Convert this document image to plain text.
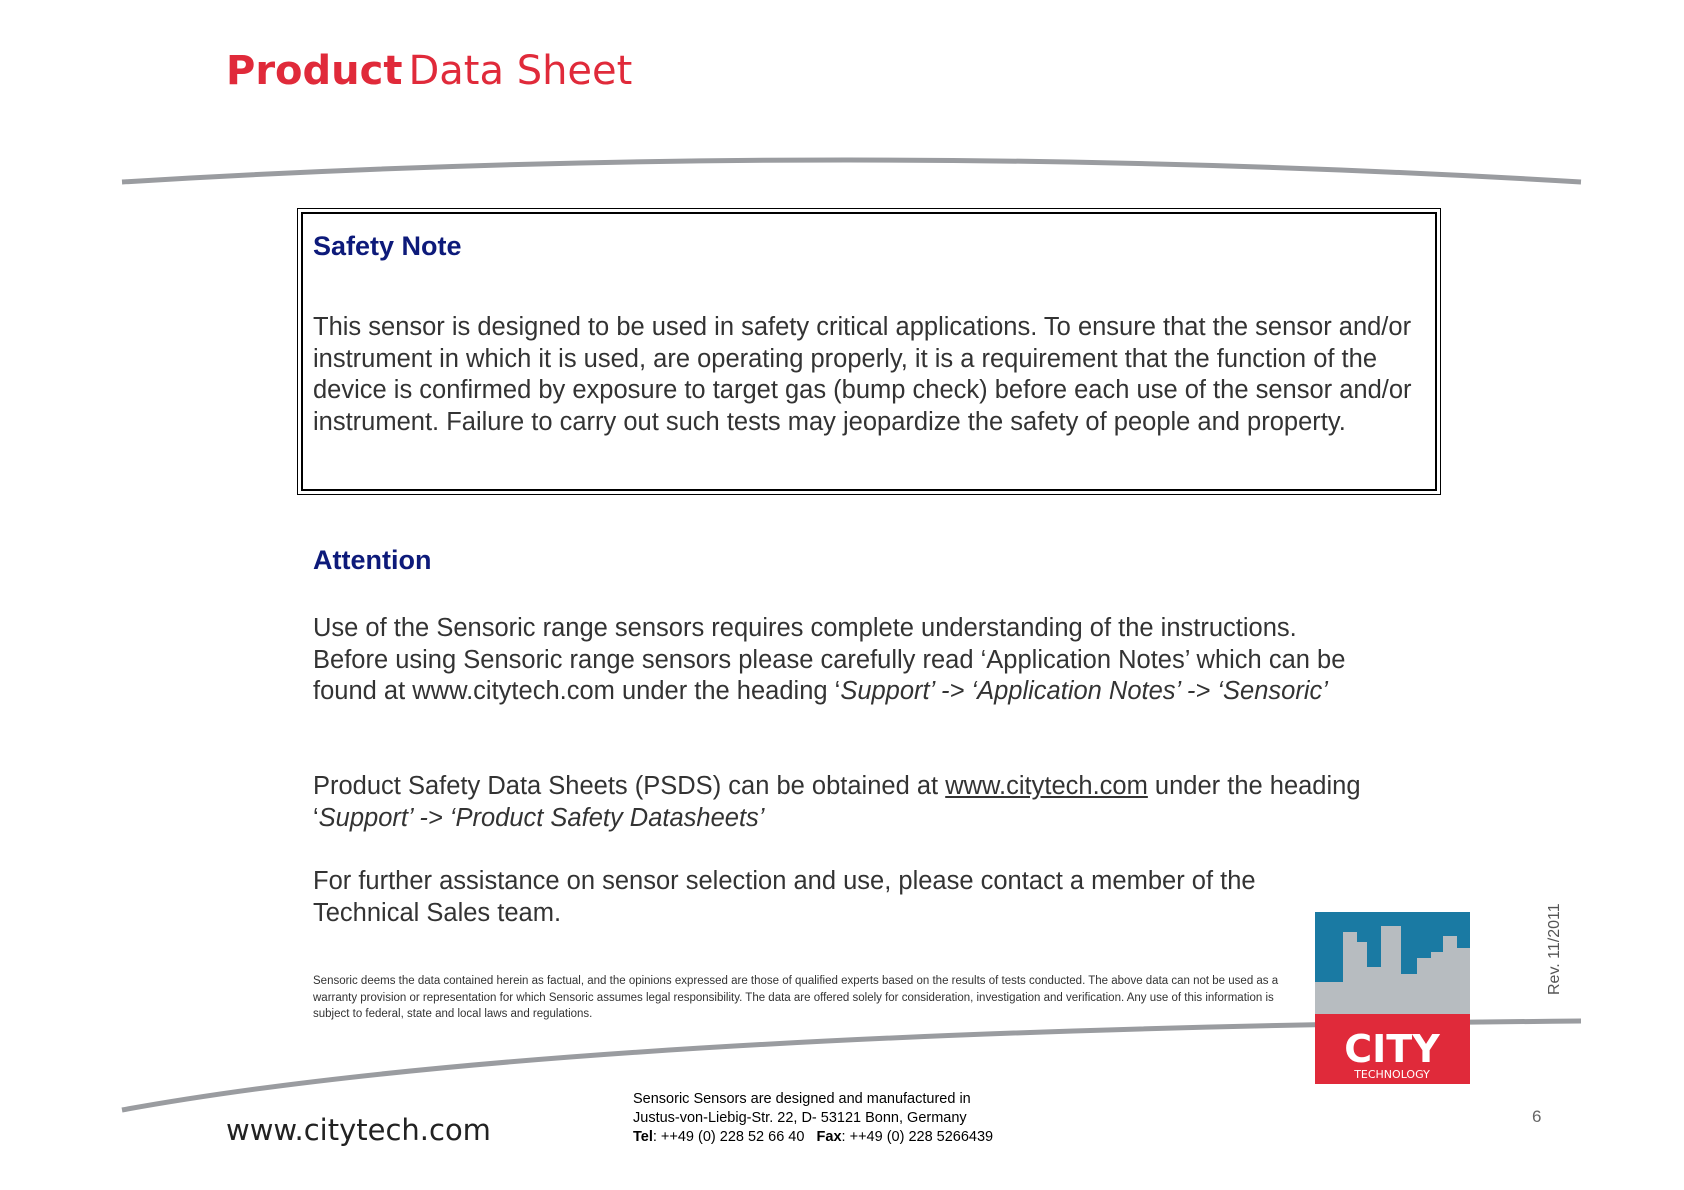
Product Data Sheet
Safety Note
This sensor is designed to be used in safety critical applications. To ensure that the sensor and/or instrument in which it is used, are operating properly, it is a requirement that the function of the device is confirmed by exposure to target gas (bump check) before each use of the sensor and/or instrument. Failure to carry out such tests may jeopardize the safety of people and property.
Attention
Use of the Sensoric range sensors requires complete understanding of the instructions. Before using Sensoric range sensors please carefully read ‘Application Notes’ which can be found at www.citytech.com under the heading ‘Support’ -> ‘Application Notes’ -> ‘Sensoric’
Product Safety Data Sheets (PSDS) can be obtained at www.citytech.com under the heading ‘Support’ -> ‘Product Safety Datasheets’
For further assistance on sensor selection and use, please contact a member of the Technical Sales team.
Sensoric deems the data contained herein as factual, and the opinions expressed are those of qualified experts based on the results of tests conducted. The above data can not be used as a warranty provision or representation for which Sensoric assumes legal responsibility. The data are offered solely for consideration, investigation and verification. Any use of this information is subject to federal, state and local laws and regulations.
Rev. 11/2011
CITY
TECHNOLOGY
www.citytech.com
Sensoric Sensors are designed and manufactured in
Justus-von-Liebig-Str. 22, D- 53121 Bonn, Germany
Tel: ++49 (0) 228 52 66 40 Fax: ++49 (0) 228 5266439
6
